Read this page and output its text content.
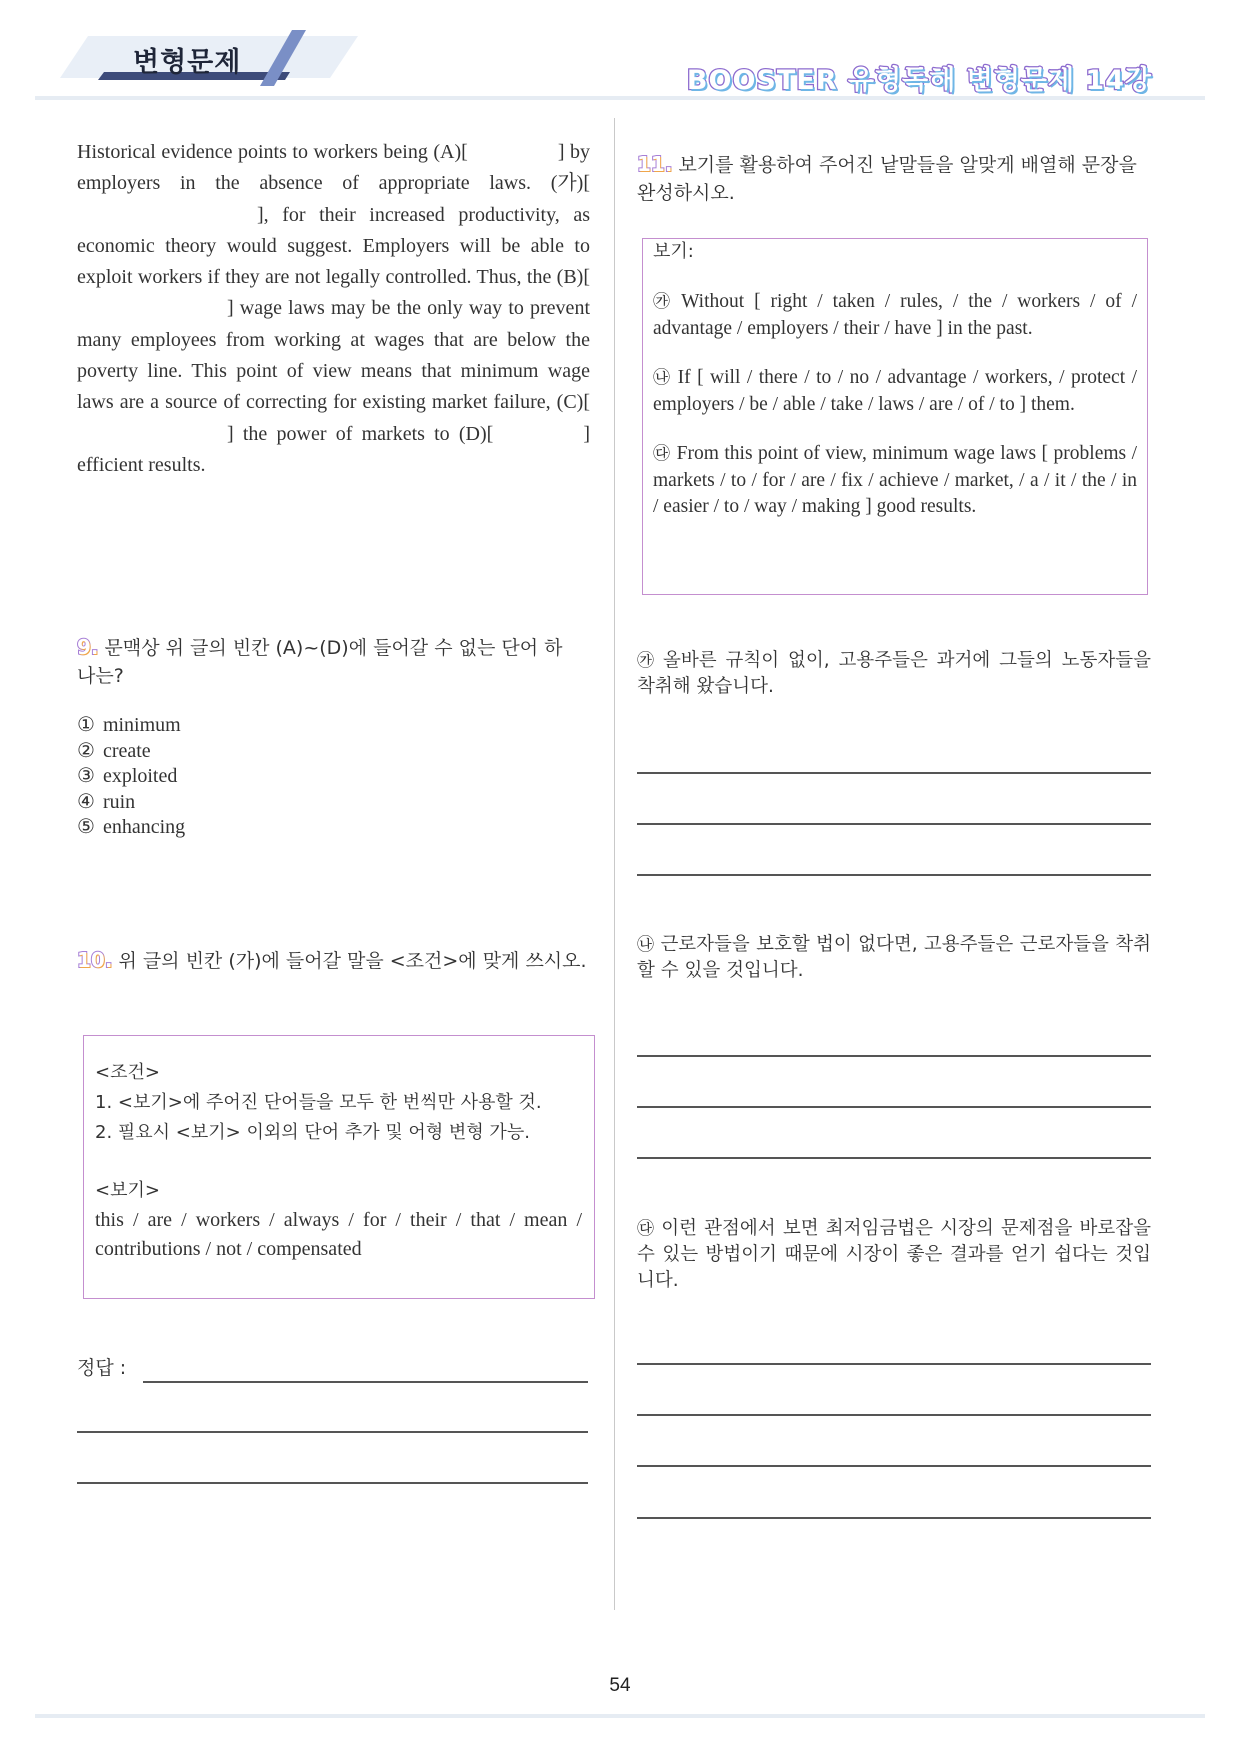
변형문제
BOOSTER 유형독해 변형문제 14강
Historical evidence points to workers being (A)[	] by employers in the absence of appropriate laws. (가)[], for their increased productivity, as economic theory would suggest. Employers will be able to exploit workers if they are not legally controlled. Thus, the (B)[] wage laws may be the only way to prevent many employees from working at wages that are below the poverty line. This point of view means that minimum wage laws are a source of correcting for existing market failure, (C)[] the power of markets to (D)[	] efficient results.
9. 문맥상 위 글의 빈칸 (A)~(D)에 들어갈 수 없는 단어 하나는?
① minimum
② create
③ exploited
④ ruin
⑤ enhancing
10. 위 글의 빈칸 (가)에 들어갈 말을 <조건>에 맞게 쓰시오.
<조건>
1. <보기>에 주어진 단어들을 모두 한 번씩만 사용할 것.
2. 필요시 <보기> 이외의 단어 추가 및 어형 변형 가능.
<보기>
this / are / workers / always / for / their / that / mean / contributions / not / compensated
정답 :
11. 보기를 활용하여 주어진 낱말들을 알맞게 배열해 문장을 완성하시오.
보기:
㉮ Without [ right / taken / rules, / the / workers / of / advantage / employers / their / have ] in the past.
㉯ If [ will / there / to / no / advantage / workers, / protect / employers / be / able / take / laws / are / of / to ] them.
㉰ From this point of view, minimum wage laws [ problems / markets / to / for / are / fix / achieve / market, / a / it / the / in / easier / to / way / making ] good results.
㉮ 올바른 규칙이 없이, 고용주들은 과거에 그들의 노동자들을 착취해 왔습니다.
㉯ 근로자들을 보호할 법이 없다면, 고용주들은 근로자들을 착취할 수 있을 것입니다.
㉰ 이런 관점에서 보면 최저임금법은 시장의 문제점을 바로잡을 수 있는 방법이기 때문에 시장이 좋은 결과를 얻기 쉽다는 것입니다.
54
